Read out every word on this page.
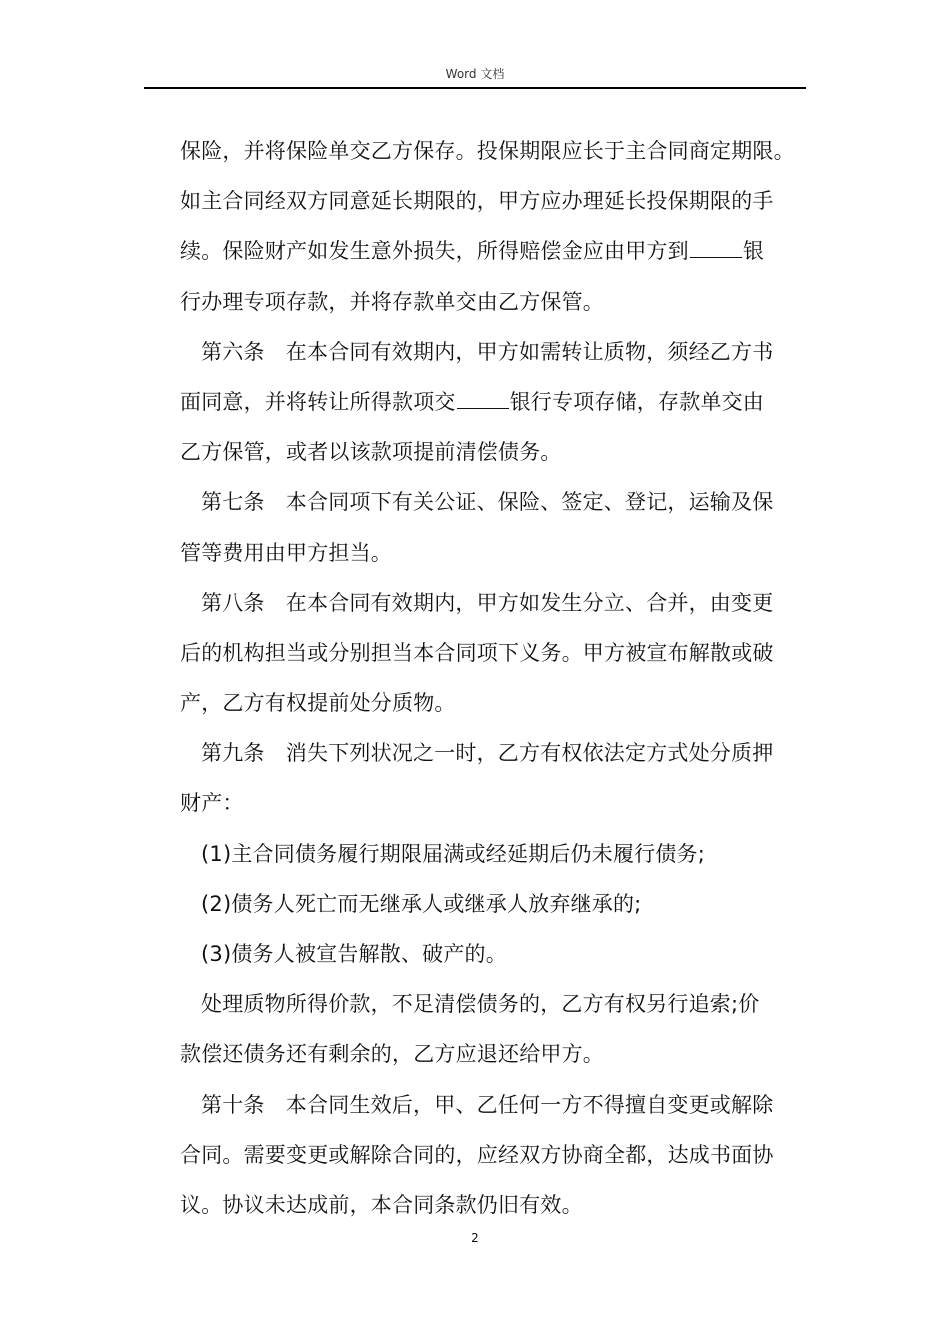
Word 文档
保险，并将保险单交乙方保存。投保期限应长于主合同商定期限。
如主合同经双方同意延长期限的，甲方应办理延长投保期限的手
续。保险财产如发生意外损失，所得赔偿金应由甲方到	银
行办理专项存款，并将存款单交由乙方保管。
第六条　在本合同有效期内，甲方如需转让质物，须经乙方书
面同意，并将转让所得款项交	银行专项存储，存款单交由
乙方保管，或者以该款项提前清偿债务。
第七条　本合同项下有关公证、保险、签定、登记，运输及保
管等费用由甲方担当。
第八条　在本合同有效期内，甲方如发生分立、合并，由变更
后的机构担当或分别担当本合同项下义务。甲方被宣布解散或破
产，乙方有权提前处分质物。
第九条　消失下列状况之一时，乙方有权依法定方式处分质押
财产：
(1)主合同债务履行期限届满或经延期后仍未履行债务;
(2)债务人死亡而无继承人或继承人放弃继承的;
(3)债务人被宣告解散、破产的。
处理质物所得价款，不足清偿债务的，乙方有权另行追索;价
款偿还债务还有剩余的，乙方应退还给甲方。
第十条　本合同生效后，甲、乙任何一方不得擅自变更或解除
合同。需要变更或解除合同的，应经双方协商全都，达成书面协
议。协议未达成前，本合同条款仍旧有效。
2
